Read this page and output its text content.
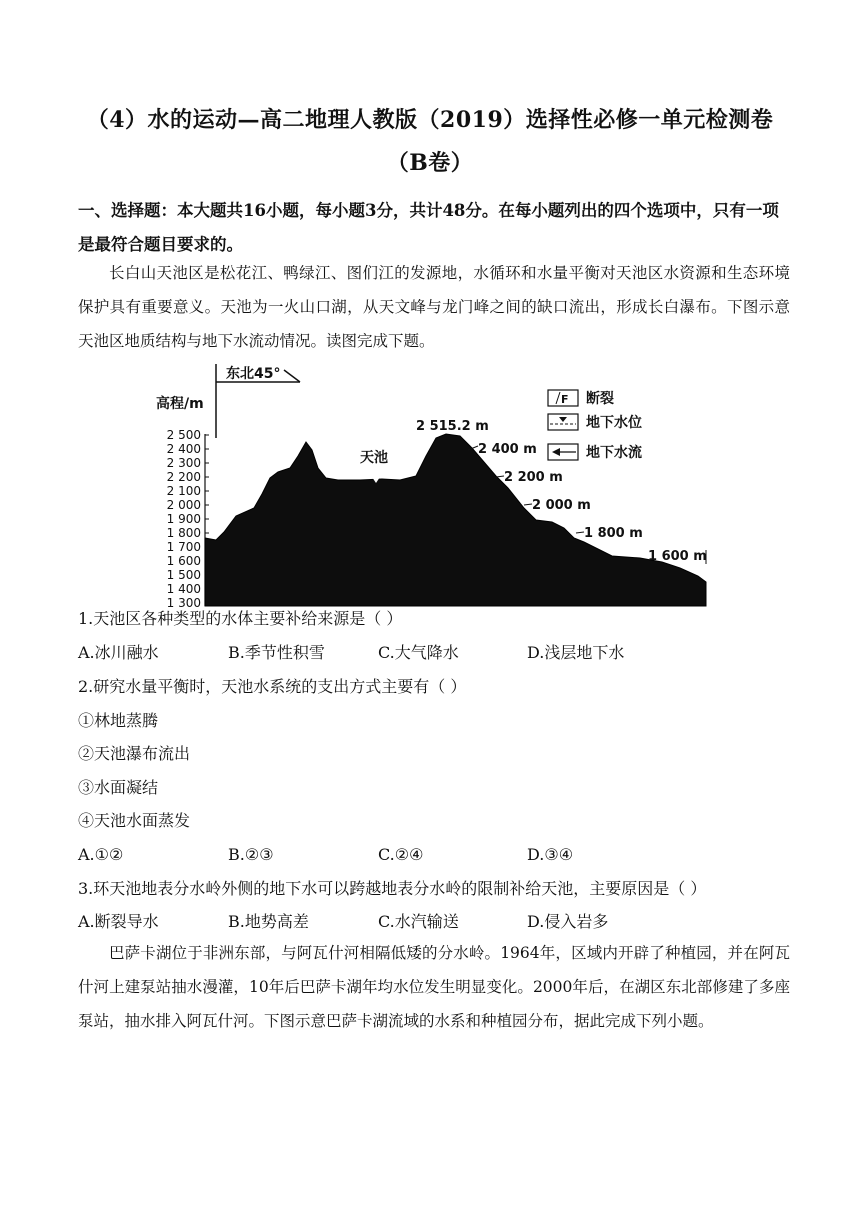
（4）水的运动—高二地理人教版（2019）选择性必修一单元检测卷
（B卷）
一、选择题：本大题共16小题，每小题3分，共计48分。在每小题列出的四个选项中，只有一项是最符合题目要求的。
长白山天池区是松花江、鸭绿江、图们江的发源地，水循环和水量平衡对天池区水资源和生态环境保护具有重要意义。天池为一火山口湖，从天文峰与龙门峰之间的缺口流出，形成长白瀑布。下图示意天池区地质结构与地下水流动情况。读图完成下题。
东北45°
高程/m
2 500
2 400
2 300
2 200
2 100
2 000
1 900
1 800
1 700
1 600
1 500
1 400
1 300
天池
2 515.2 m
2 400 m
2 200 m
2 000 m
1 800 m
1 600 m
F 断裂
地下水位
地下水流
1.天池区各种类型的水体主要补给来源是（ ）
A.冰川融水	B.季节性积雪	C.大气降水	D.浅层地下水
2.研究水量平衡时，天池水系统的支出方式主要有（ ）
①林地蒸腾
②天池瀑布流出
③水面凝结
④天池水面蒸发
A.①②	B.②③	C.②④	D.③④
3.环天池地表分水岭外侧的地下水可以跨越地表分水岭的限制补给天池，主要原因是（ ）
A.断裂导水	B.地势高差	C.水汽输送	D.侵入岩多
巴萨卡湖位于非洲东部，与阿瓦什河相隔低矮的分水岭。1964年，区域内开辟了种植园，并在阿瓦什河上建泵站抽水漫灌，10年后巴萨卡湖年均水位发生明显变化。2000年后，在湖区东北部修建了多座泵站，抽水排入阿瓦什河。下图示意巴萨卡湖流域的水系和种植园分布，据此完成下列小题。
